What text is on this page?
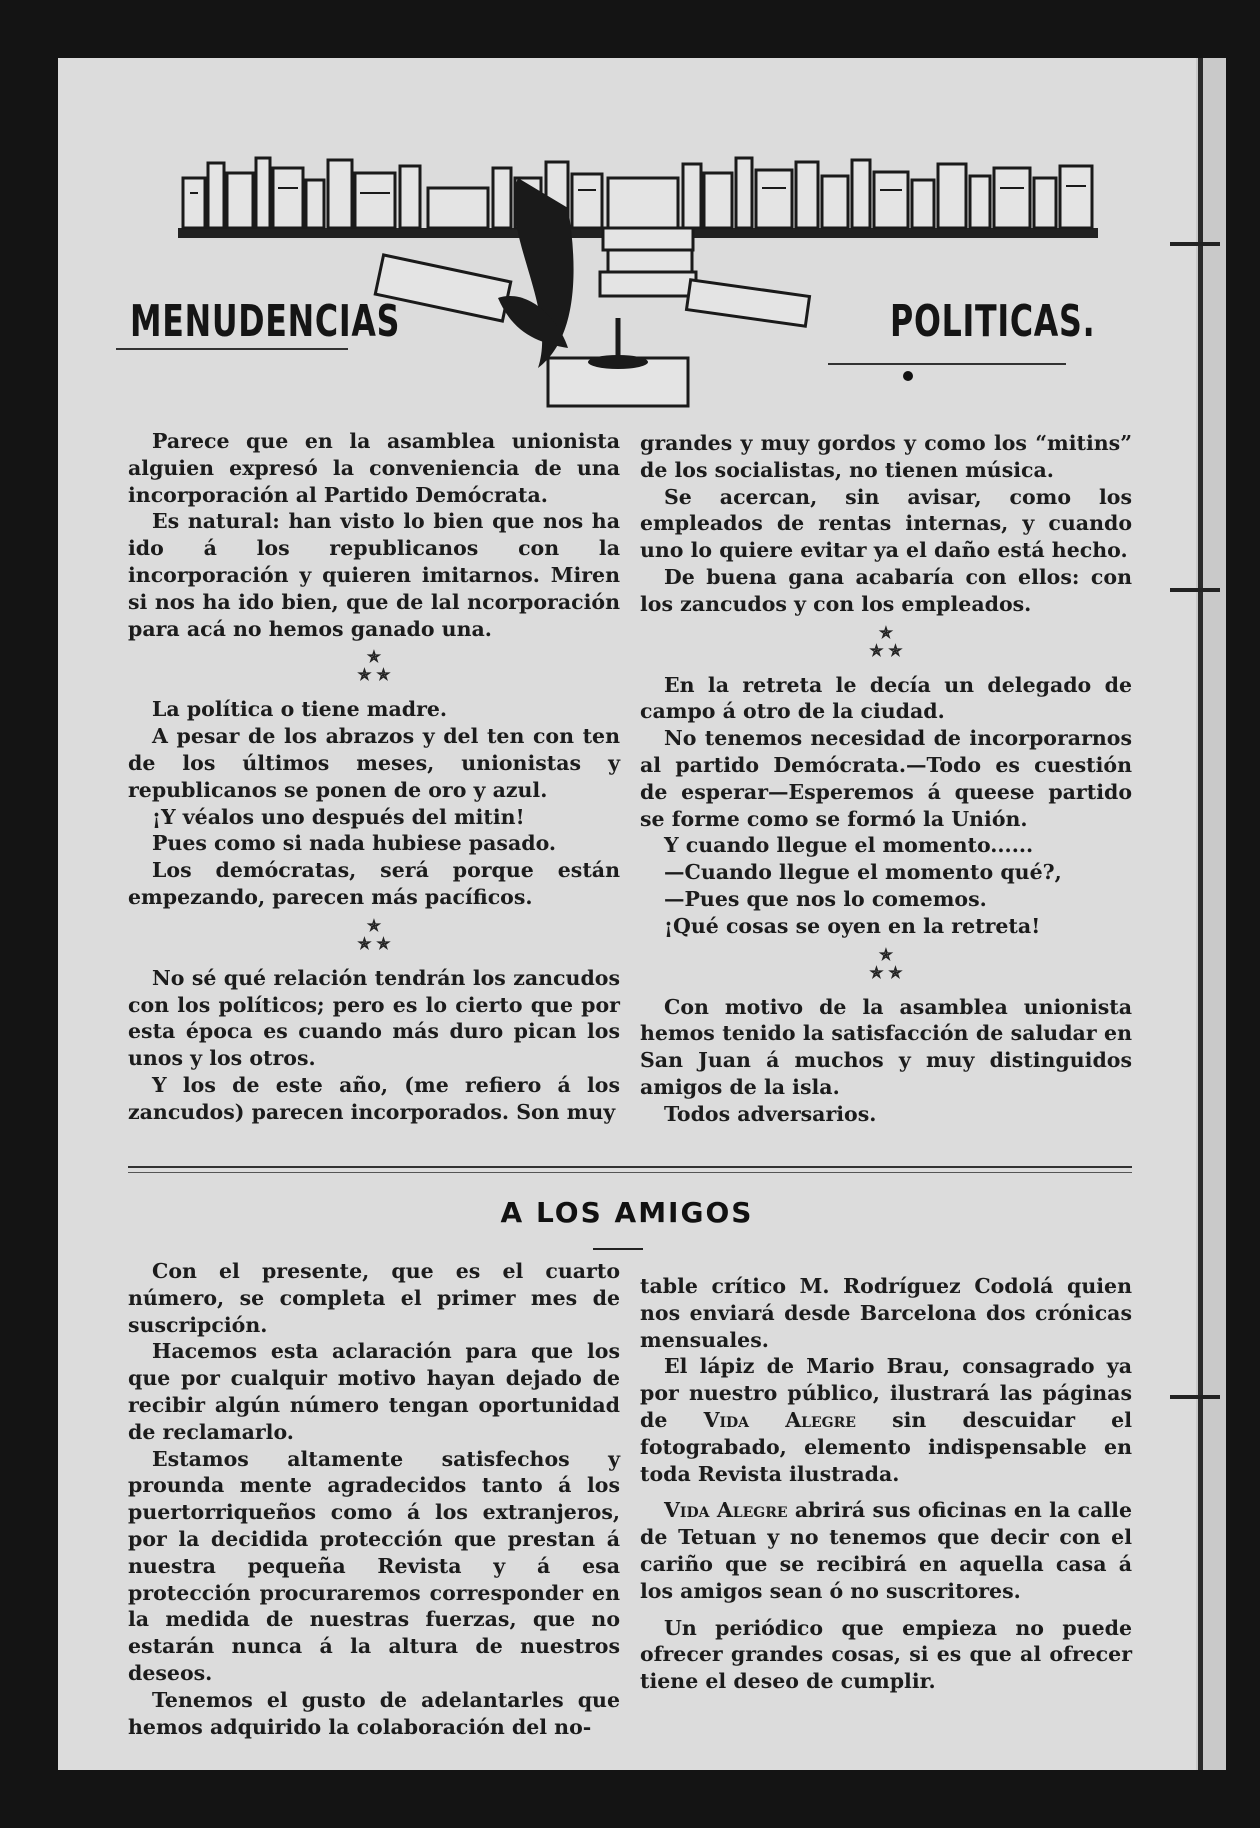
MENUDENCIAS	POLITICAS.

Parece que en la asamblea unionista alguien expresó la conveniencia de una incorporación al Partido Demócrata.

Es natural: han visto lo bien que nos ha ido á los republicanos con la incorporación y quieren imitarnos. Miren si nos ha ido bien, que de lal ncorporación para acá no hemos ganado una.

✯
✯ ✯

La política o tiene madre.

A pesar de los abrazos y del ten con ten de los últimos meses, unionistas y republicanos se ponen de oro y azul.

¡Y véalos uno después del mitin!

Pues como si nada hubiese pasado.

Los demócratas, será porque están empezando, parecen más pacíficos.

✯
✯ ✯

No sé qué relación tendrán los zancudos con los políticos; pero es lo cierto que por esta época es cuando más duro pican los unos y los otros.

Y los de este año, (me refiero á los zancudos) parecen incorporados. Son muy

grandes y muy gordos y como los “mitins” de los socialistas, no tienen música.

Se acercan, sin avisar, como los empleados de rentas internas, y cuando uno lo quiere evitar ya el daño está hecho.

De buena gana acabaría con ellos: con los zancudos y con los empleados.

✯
✯ ✯

En la retreta le decía un delegado de campo á otro de la ciudad.

No tenemos necesidad de incorporarnos al partido Demócrata.—Todo es cuestión de esperar—Esperemos á queese partido se forme como se formó la Unión.

Y cuando llegue el momento......

—Cuando llegue el momento qué?,

—Pues que nos lo comemos.

¡Qué cosas se oyen en la retreta!

✯
✯ ✯

Con motivo de la asamblea unionista hemos tenido la satisfacción de saludar en San Juan á muchos y muy distinguidos amigos de la isla.

Todos adversarios.

A LOS AMIGOS

Con el presente, que es el cuarto número, se completa el primer mes de suscripción.

Hacemos esta aclaración para que los que por cualquir motivo hayan dejado de recibir algún número tengan oportunidad de reclamarlo.

Estamos altamente satisfechos y prounda mente agradecidos tanto á los puertorriqueños como á los extranjeros, por la decidida protección que prestan á nuestra pequeña Revista y á esa protección procuraremos corresponder en la medida de nuestras fuerzas, que no estarán nunca á la altura de nuestros deseos.

Tenemos el gusto de adelantarles que hemos adquirido la colaboración del no-

table crítico M. Rodríguez Codolá quien nos enviará desde Barcelona dos crónicas mensuales.

El lápiz de Mario Brau, consagrado ya por nuestro público, ilustrará las páginas de Vida Alegre sin descuidar el fotograbado, elemento indispensable en toda Revista ilustrada.

Vida Alegre abrirá sus oficinas en la calle de Tetuan y no tenemos que decir con el cariño que se recibirá en aquella casa á los amigos sean ó no suscritores.

Un periódico que empieza no puede ofrecer grandes cosas, si es que al ofrecer tiene el deseo de cumplir.
